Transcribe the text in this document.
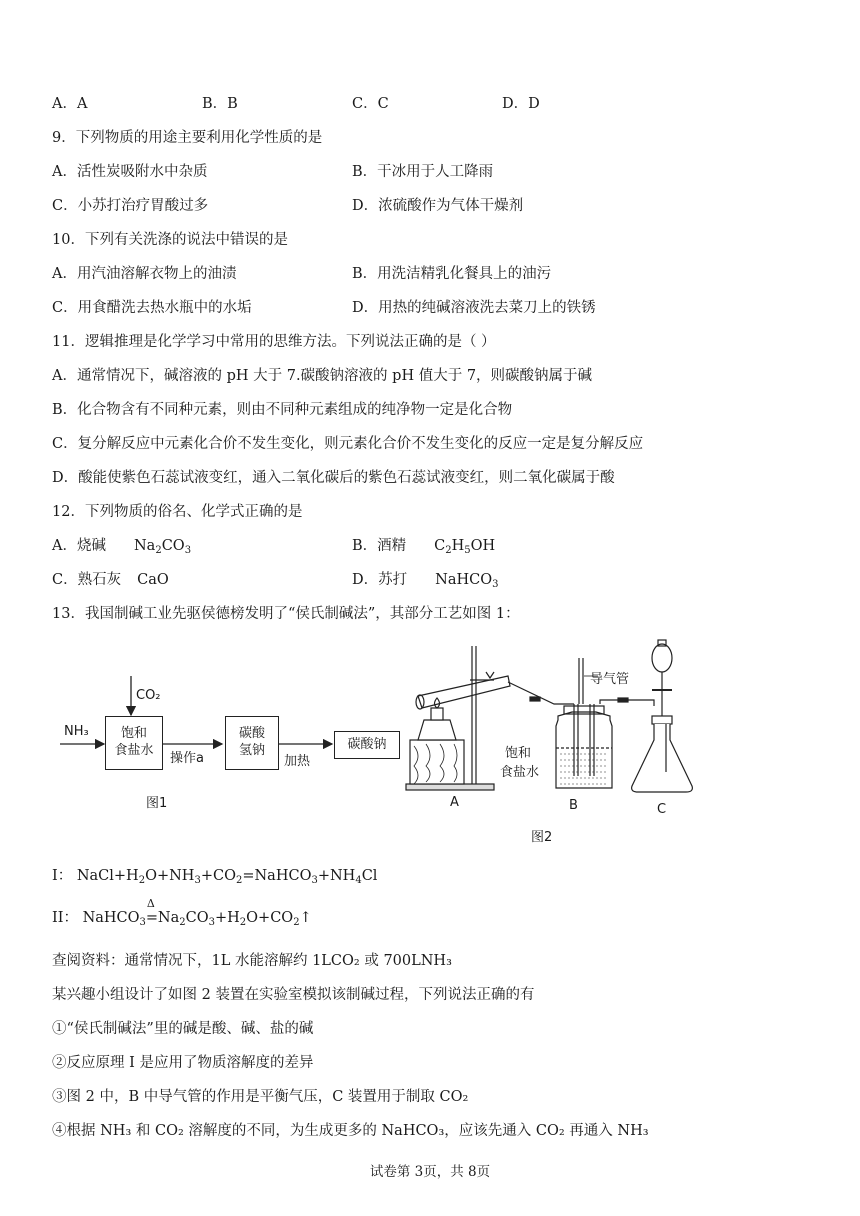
A．A	B．B	C．C	D．D
9．下列物质的用途主要利用化学性质的是
A．活性炭吸附水中杂质	B．干冰用于人工降雨
C．小苏打治疗胃酸过多	D．浓硫酸作为气体干燥剂
10．下列有关洗涤的说法中错误的是
A．用汽油溶解衣物上的油渍	B．用洗洁精乳化餐具上的油污
C．用食醋洗去热水瓶中的水垢	D．用热的纯碱溶液洗去菜刀上的铁锈
11．逻辑推理是化学学习中常用的思维方法。下列说法正确的是（ ）
A．通常情况下，碱溶液的 pH 大于 7.碳酸钠溶液的 pH 值大于 7，则碳酸钠属于碱
B．化合物含有不同种元素，则由不同种元素组成的纯净物一定是化合物
C．复分解反应中元素化合价不发生变化，则元素化合价不发生变化的反应一定是复分解反应
D．酸能使紫色石蕊试液变红，通入二氧化碳后的紫色石蕊试液变红，则二氧化碳属于酸
12．下列物质的俗名、化学式正确的是
A．烧碱 $Na_2CO_3$	B．酒精 $C_2H_5OH$
C．熟石灰 CaO	D．苏打 NaHCO$_3$
13．我国制碱工业先驱侯德榜发明了“侯氏制碱法”，其部分工艺如图 1：
NH₃
CO₂
饱和
食盐水
操作a
碳酸
氢钠
加热
碳酸钠
图1
导气管
饱和
食盐水
A	B	C
图2
I： $NaCl+H_2O+NH_3+CO_2=NaHCO_3+NH_4Cl$
II： NaHCO$_3$
Δ
$=Na_2CO_3+H_2O+CO_2↑$
查阅资料：通常情况下，1L 水能溶解约 1LCO₂ 或 700LNH₃
某兴趣小组设计了如图 2 装置在实验室模拟该制碱过程，下列说法正确的有
①“侯氏制碱法”里的碱是酸、碱、盐的碱
②反应原理 I 是应用了物质溶解度的差异
③图 2 中，B 中导气管的作用是平衡气压，C 装置用于制取 CO₂
④根据 NH₃ 和 CO₂ 溶解度的不同，为生成更多的 NaHCO₃，应该先通入 CO₂ 再通入 NH₃
试卷第 3页，共 8页
